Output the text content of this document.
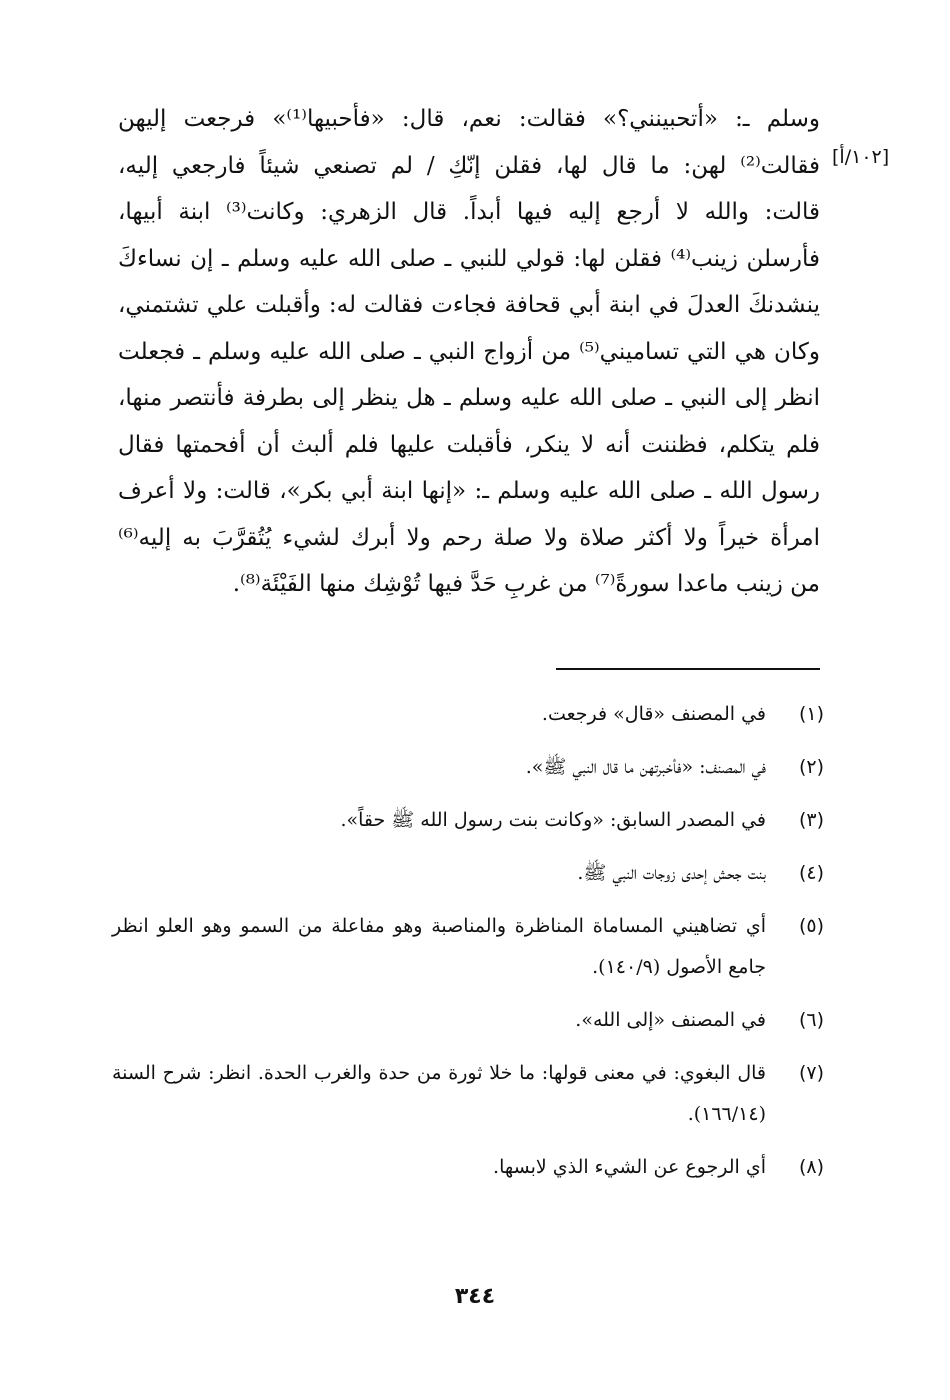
وسلم ـ: «أتحبينني؟» فقالت: نعم، قال: «فأحبيها⁽¹⁾» فرجعت إليهن
فقالت⁽²⁾ لهن: ما قال لها، فقلن إنّكِ / لم تصنعي شيئاً فارجعي إليه،
قالت: والله لا أرجع إليه فيها أبداً. قال الزهري: وكانت⁽³⁾ ابنة أبيها،
فأرسلن زينب⁽⁴⁾ فقلن لها: قولي للنبي ـ صلى الله عليه وسلم ـ إن نساءكَ
ينشدنكَ العدلَ في ابنة أبي قحافة فجاءت فقالت له: وأقبلت علي تشتمني،
وكان هي التي تساميني⁽⁵⁾ من أزواج النبي ـ صلى الله عليه وسلم ـ فجعلت
انظر إلى النبي ـ صلى الله عليه وسلم ـ هل ينظر إلى بطرفة فأنتصر منها،
فلم يتكلم، فظننت أنه لا ينكر، فأقبلت عليها فلم ألبث أن أفحمتها فقال
رسول الله ـ صلى الله عليه وسلم ـ: «إنها ابنة أبي بكر»، قالت: ولا أعرف
امرأة خيراً ولا أكثر صلاة ولا صلة رحم ولا أبرك لشيء يُتُقرَّبَ به إليه⁽⁶⁾
من زينب ماعدا سورةً⁽⁷⁾ من غربِ حَدَّ فيها تُوْشِك منها الفَيْئَة⁽⁸⁾.
[١٠٢/أ]
(١)
في المصنف «قال» فرجعت.
(٢)
في المصنف: «فأخبرتهن ما قال النبي ﷺ».
(٣)
في المصدر السابق: «وكانت بنت رسول الله ﷺ حقاً».
(٤)
بنت جحش إحدى زوجات النبي ﷺ.
(٥)
أي تضاهيني المساماة المناظرة والمناصبة وهو مفاعلة من السمو وهو العلو انظر جامع الأصول (١٤٠/٩).
(٦)
في المصنف «إلى الله».
(٧)
قال البغوي: في معنى قولها: ما خلا ثورة من حدة والغرب الحدة. انظر: شرح السنة (١٦٦/١٤).
(٨)
أي الرجوع عن الشيء الذي لابسها.
٣٤٤
